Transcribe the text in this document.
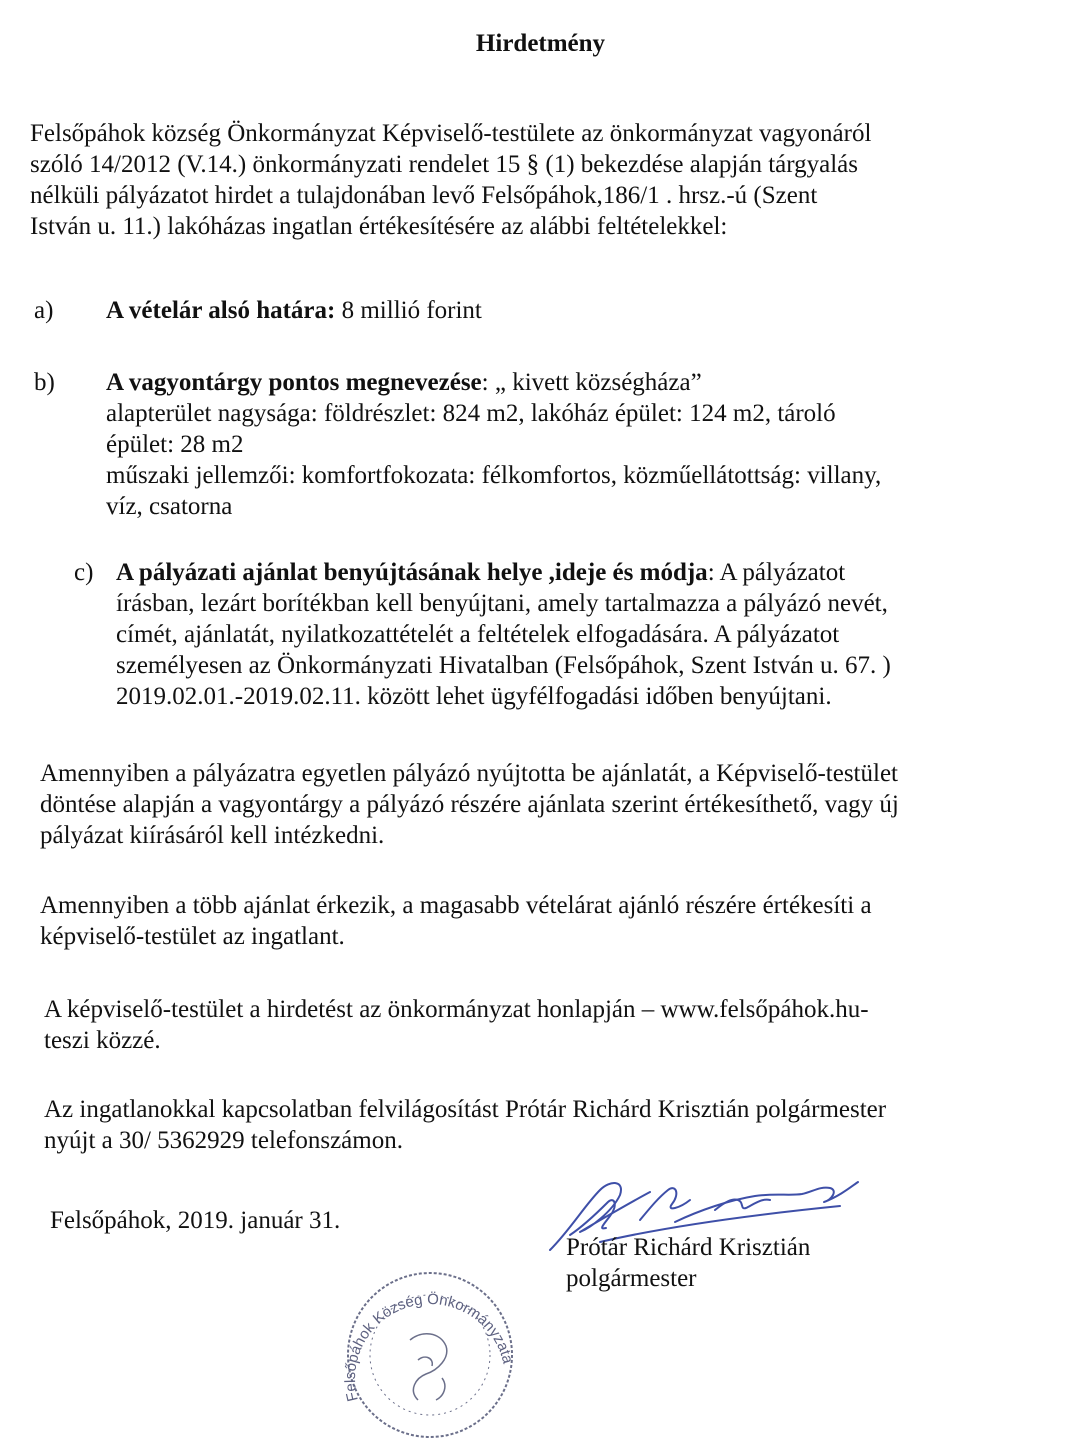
Hirdetmény
Felsőpáhok község Önkormányzat Képviselő-testülete az önkormányzat vagyonáról
szóló 14/2012 (V.14.) önkormányzati rendelet 15 § (1) bekezdése alapján tárgyalás
nélküli pályázatot hirdet a tulajdonában levő Felsőpáhok,186/1 . hrsz.-ú (Szent
István u. 11.) lakóházas ingatlan értékesítésére az alábbi feltételekkel:
a) A vételár alsó határa: 8 millió forint
b) A vagyontárgy pontos megnevezése: „ kivett községháza”
alapterület nagysága: földrészlet: 824 m2, lakóház épület: 124 m2, tároló
épület: 28 m2
műszaki jellemzői: komfortfokozata: félkomfortos, közműellátottság: villany,
víz, csatorna
c) A pályázati ajánlat benyújtásának helye ,ideje és módja: A pályázatot
írásban, lezárt borítékban kell benyújtani, amely tartalmazza a pályázó nevét,
címét, ajánlatát, nyilatkozattételét a feltételek elfogadására. A pályázatot
személyesen az Önkormányzati Hivatalban (Felsőpáhok, Szent István u. 67. )
2019.02.01.-2019.02.11. között lehet ügyfélfogadási időben benyújtani.
Amennyiben a pályázatra egyetlen pályázó nyújtotta be ajánlatát, a Képviselő-testület
döntése alapján a vagyontárgy a pályázó részére ajánlata szerint értékesíthető, vagy új
pályázat kiírásáról kell intézkedni.
Amennyiben a több ajánlat érkezik, a magasabb vételárat ajánló részére értékesíti a
képviselő-testület az ingatlant.
A képviselő-testület a hirdetést az önkormányzat honlapján – www.felsőpáhok.hu-
teszi közzé.
Az ingatlanokkal kapcsolatban felvilágosítást Prótár Richárd Krisztián polgármester
nyújt a 30/ 5362929 telefonszámon.
Felsőpáhok, 2019. január 31.
Prótár Richárd Krisztián
polgármester
Felsőpáhok Község Önkormányzata
